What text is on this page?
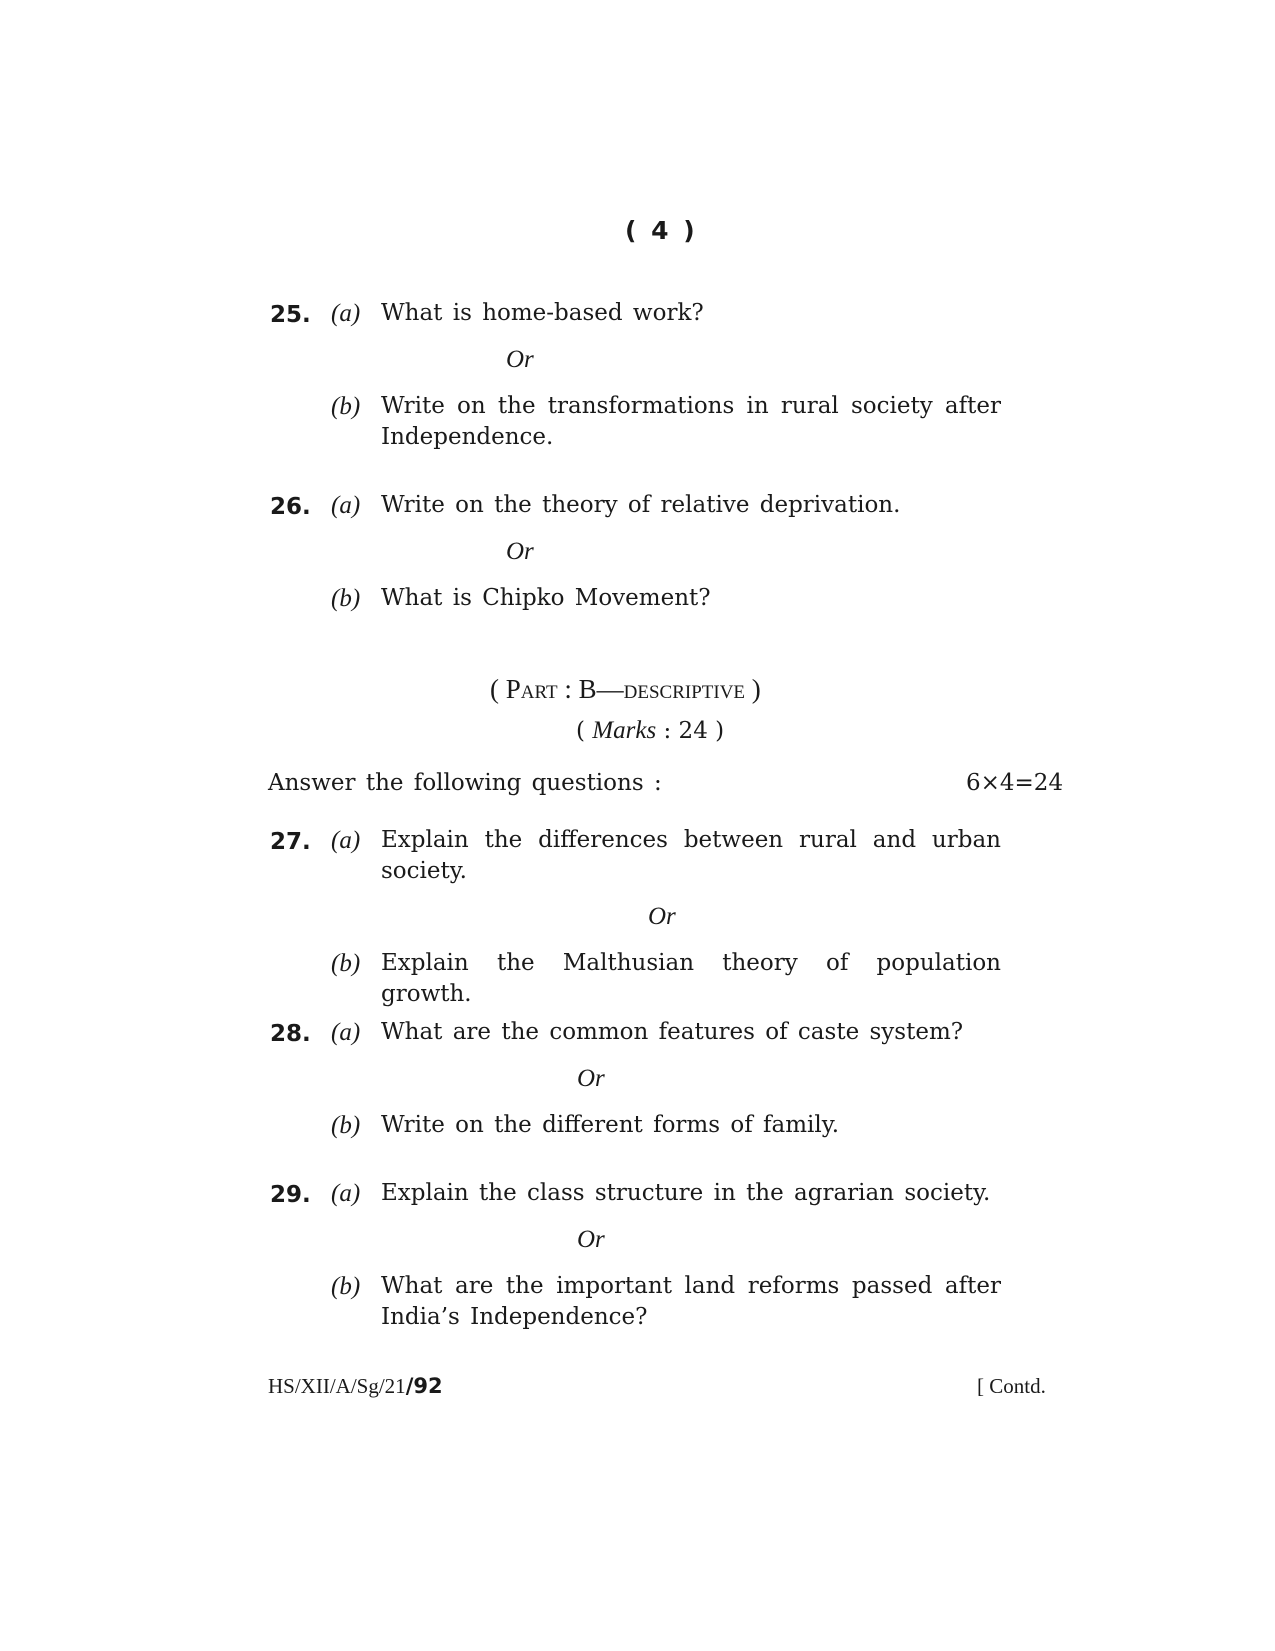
( 4 )
25. (a) What is home-based work?
Or
(b) Write on the transformations in rural society after Independence.
26. (a) Write on the theory of relative deprivation.
Or
(b) What is Chipko Movement?
( Part : B—descriptive )
( Marks : 24 )
Answer the following questions :	6×4=24
27. (a) Explain the differences between rural and urban society.
Or
(b) Explain the Malthusian theory of population growth.
28. (a) What are the common features of caste system?
Or
(b) Write on the different forms of family.
29. (a) Explain the class structure in the agrarian society.
Or
(b) What are the important land reforms passed after India’s Independence?
HS/XII/A/Sg/21/92	[ Contd.
